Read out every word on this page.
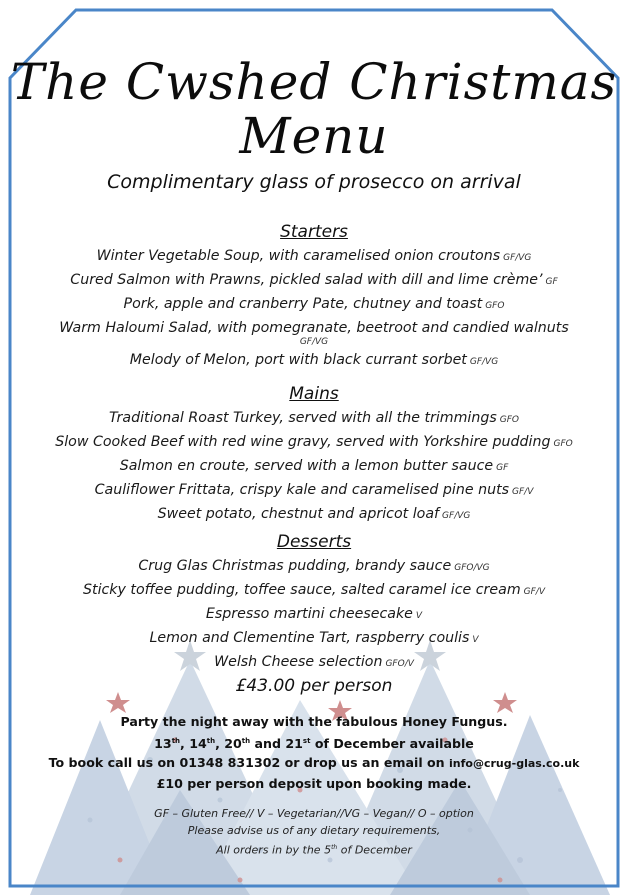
The Cwshed Christmas
Menu
Complimentary glass of prosecco on arrival
Starters
Winter Vegetable Soup, with caramelised onion croutons GF/VG
Cured Salmon with Prawns, pickled salad with dill and lime crème’ GF
Pork, apple and cranberry Pate, chutney and toast GFO
Warm Haloumi Salad, with pomegranate, beetroot and candied walnuts
GF/VG
Melody of Melon, port with black currant sorbet GF/VG
Mains
Traditional Roast Turkey, served with all the trimmings GFO
Slow Cooked Beef with red wine gravy, served with Yorkshire pudding GFO
Salmon en croute, served with a lemon butter sauce GF
Cauliflower Frittata, crispy kale and caramelised pine nuts GF/V
Sweet potato, chestnut and apricot loaf GF/VG
Desserts
Crug Glas Christmas pudding, brandy sauce GFO/VG
Sticky toffee pudding, toffee sauce, salted caramel ice cream GF/V
Espresso martini cheesecake V
Lemon and Clementine Tart, raspberry coulis V
Welsh Cheese selection GFO/V
£43.00 per person
Party the night away with the fabulous Honey Fungus.
13th, 14th, 20th and 21st of December available
To book call us on 01348 831302 or drop us an email on info@crug-glas.co.uk
£10 per person deposit upon booking made.
GF – Gluten Free// V – Vegetarian//VG – Vegan// O – option
Please advise us of any dietary requirements,
All orders in by the 5th of December
